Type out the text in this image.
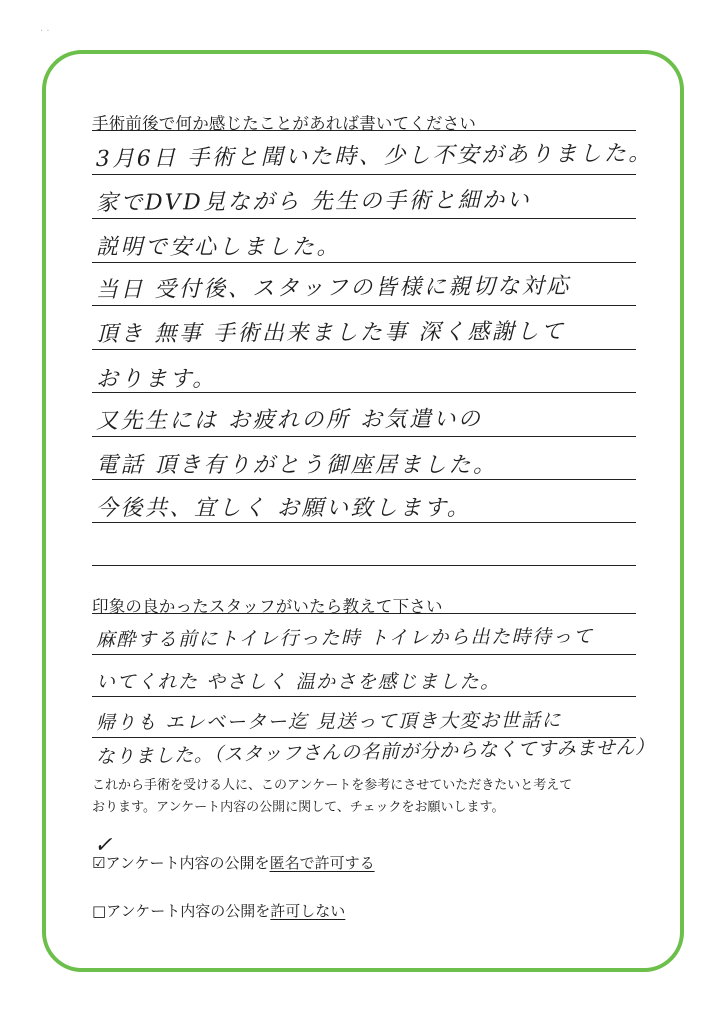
· ·
手術前後で何か感じたことがあれば書いてください
3月6日 手術と聞いた時、少し不安がありました。
家でDVD見ながら 先生の手術と細かい
説明で安心しました。
当日 受付後、スタッフの皆様に親切な対応
頂き 無事 手術出来ました事 深く感謝して
おります。
又先生には お疲れの所 お気遣いの
電話 頂き有りがとう御座居ました。
今後共、宜しく お願い致します。
印象の良かったスタッフがいたら教えて下さい
麻酔する前にトイレ行った時 トイレから出た時待って
いてくれた やさしく 温かさを感じました。
帰りも エレベーター迄 見送って頂き大変お世話に
なりました。（スタッフさんの名前が分からなくてすみません）
これから手術を受ける人に、このアンケートを参考にさせていただきたいと考えて
おります。アンケート内容の公開に関して、チェックをお願いします。
✓
☑アンケート内容の公開を匿名で許可する
□アンケート内容の公開を許可しない
